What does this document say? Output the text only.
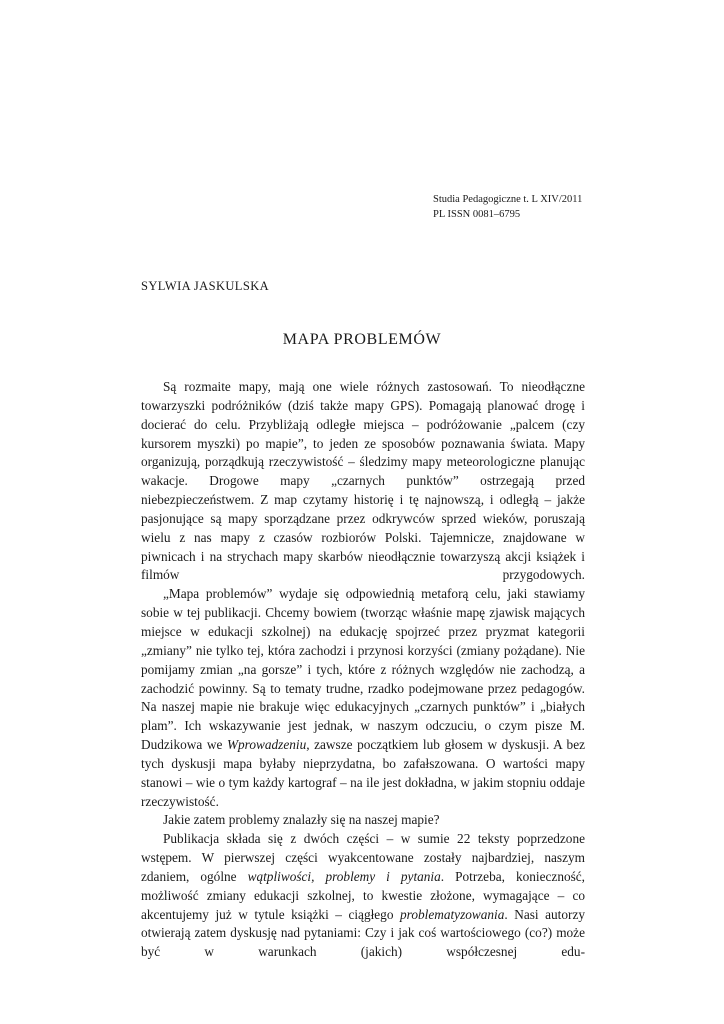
Studia Pedagogiczne t. L XIV/2011
PL ISSN 0081–6795
SYLWIA JASKULSKA
MAPA PROBLEMÓW

Są rozmaite mapy, mają one wiele różnych zastosowań. To nieodłączne towarzyszki podróżników (dziś także mapy GPS). Pomagają planować drogę i docierać do celu. Przybliżają odległe miejsca – podróżowanie „palcem (czy kursorem myszki) po mapie”, to jeden ze sposobów poznawania świata. Mapy organizują, porządkują rzeczywistość – śledzimy mapy meteorologiczne planując wakacje. Drogowe mapy „czarnych punktów” ostrzegają przed niebezpieczeństwem. Z map czytamy historię i tę najnowszą, i odległą – jakże pasjonujące są mapy sporządzane przez odkrywców sprzed wieków, poruszają wielu z nas mapy z czasów rozbiorów Polski. Tajemnicze, znajdowane w piwnicach i na strychach mapy skarbów nieodłącznie towarzyszą akcji książek i filmów przygodowych.

„Mapa problemów” wydaje się odpowiednią metaforą celu, jaki stawiamy sobie w tej publikacji. Chcemy bowiem (tworząc właśnie mapę zjawisk mających miejsce w edukacji szkolnej) na edukację spojrzeć przez pryzmat kategorii „zmiany” nie tylko tej, która zachodzi i przynosi korzyści (zmiany pożądane). Nie pomijamy zmian „na gorsze” i tych, które z różnych względów nie zachodzą, a zachodzić powinny. Są to tematy trudne, rzadko podejmowane przez pedagogów. Na naszej mapie nie brakuje więc edukacyjnych „czarnych punktów” i „białych plam”. Ich wskazywanie jest jednak, w naszym odczuciu, o czym pisze M. Dudzikowa we Wprowadzeniu, zawsze początkiem lub głosem w dyskusji. A bez tych dyskusji mapa byłaby nieprzydatna, bo zafałszowana. O wartości mapy stanowi – wie o tym każdy kartograf – na ile jest dokładna, w jakim stopniu oddaje rzeczywistość.

Jakie zatem problemy znalazły się na naszej mapie?

Publikacja składa się z dwóch części – w sumie 22 teksty poprzedzone wstępem. W pierwszej części wyakcentowane zostały najbardziej, naszym zdaniem, ogólne wątpliwości, problemy i pytania. Potrzeba, konieczność, możliwość zmiany edukacji szkolnej, to kwestie złożone, wymagające – co akcentujemy już w tytule książki – ciągłego problematyzowania. Nasi autorzy otwierają zatem dyskusję nad pytaniami: Czy i jak coś wartościowego (co?) może być w warunkach (jakich) współczesnej edu-
